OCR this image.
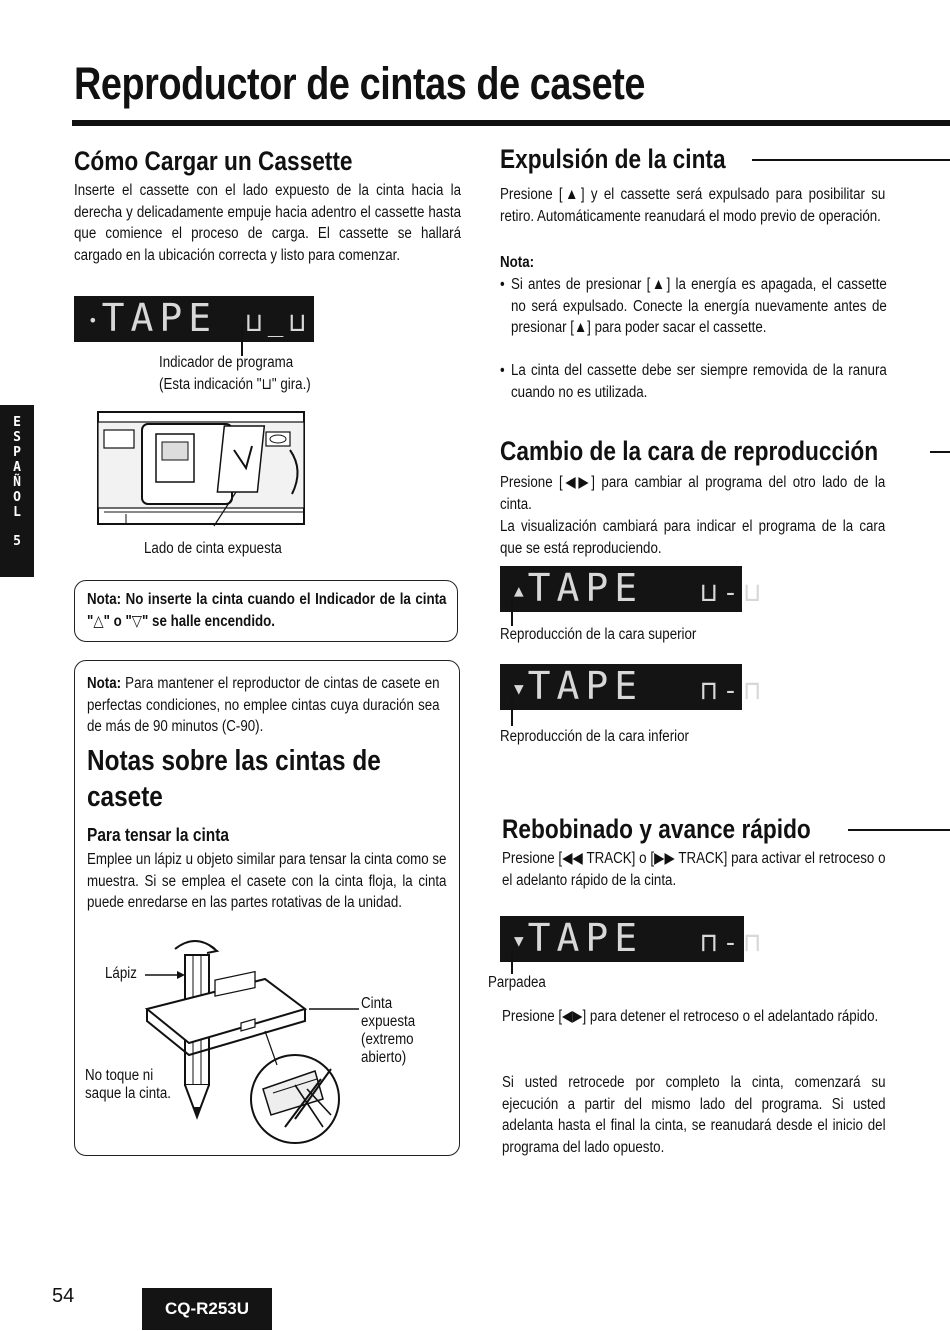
Reproductor de cintas de casete
E
S
P
A
Ñ
O
L
5
Cómo Cargar un Cassette

Inserte el cassette con el lado expuesto de la cinta hacia la derecha y delicadamente empuje hacia adentro el cassette hasta que comience el proceso de carga. El cassette se hallará cargado en la ubicación correcta y listo para comenzar.

• TAPE ⊔_⊔

Indicador de programa

(Esta indicación "⊔" gira.)

Lado de cinta expuesta

Nota: No inserte la cinta cuando el Indicador de la cinta "△" o "▽" se halle encendido.

Nota: Para mantener el reproductor de cintas de casete en perfectas condiciones, no emplee cintas cuya duración sea de más de 90 minutos (C-90).

Notas sobre las cintas de
casete

Para tensar la cinta

Emplee un lápiz u objeto similar para tensar la cinta como se muestra. Si se emplea el casete con la cinta floja, la cinta puede enredarse en las partes rotativas de la unidad.

Lápiz

Cinta

expuesta

(extremo

abierto)

No toque ni

saque la cinta.

Expulsión de la cinta

Presione [▲] y el cassette será expulsado para posibilitar su retiro. Automáticamente reanudará el modo previo de operación.

Nota:

• Si antes de presionar [▲] la energía es apagada, el cassette no será expulsado. Conecte la energía nuevamente antes de presionar [▲] para poder sacar el cassette.

• La cinta del cassette debe ser siempre removida de la ranura cuando no es utilizada.

Cambio de la cara de reproducción

Presione [◀▶] para cambiar al programa del otro lado de la cinta.

La visualización cambiará para indicar el programa de la cara que se está reproduciendo.

▲ TAPE ⊔-⊔

Reproducción de la cara superior

▼ TAPE ⊓-⊓

Reproducción de la cara inferior

Rebobinado y avance rápido

Presione [◀◀ TRACK] o [▶▶ TRACK] para activar el retroceso o el adelanto rápido de la cinta.

▼ TAPE ⊓-⊓

Parpadea

Presione [◀▶] para detener el retroceso o el adelantado rápido.

Si usted retrocede por completo la cinta, comenzará su ejecución a partir del mismo lado del programa. Si usted adelanta hasta el final la cinta, se reanudará desde el inicio del programa del lado opuesto.

54
CQ-R253U
